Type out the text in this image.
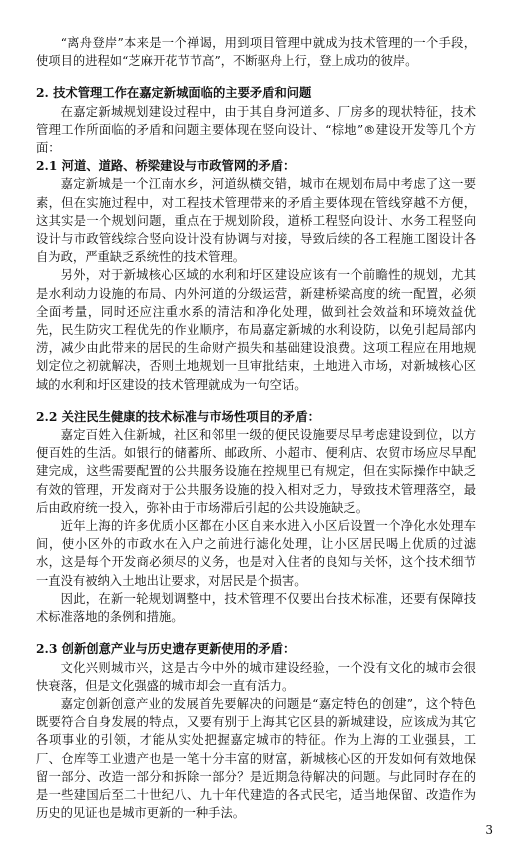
“离舟登岸”本来是一个禅谒，用到项目管理中就成为技术管理的一个手段，使项目的进程如“芝麻开花节节高”，不断驱舟上行，登上成功的彼岸。

2. 技术管理工作在嘉定新城面临的主要矛盾和问题

在嘉定新城规划建设过程中，由于其自身河道多、厂房多的现状特征，技术管理工作所面临的矛盾和问题主要体现在竖向设计、“棕地”®建设开发等几个方面：

2.1 河道、道路、桥梁建设与市政管网的矛盾：

嘉定新城是一个江南水乡，河道纵横交错，城市在规划布局中考虑了这一要素，但在实施过程中，对工程技术管理带来的矛盾主要体现在管线穿越不方便，这其实是一个规划问题，重点在于规划阶段，道桥工程竖向设计、水务工程竖向设计与市政管线综合竖向设计没有协调与对接，导致后续的各工程施工图设计各自为政，严重缺乏系统性的技术管理。

另外，对于新城核心区域的水利和圩区建设应该有一个前瞻性的规划，尤其是水利动力设施的布局、内外河道的分级运营，新建桥梁高度的统一配置，必须全面考量，同时还应注重水系的清洁和净化处理，做到社会效益和环境效益优先，民生防灾工程优先的作业顺序，布局嘉定新城的水利设防，以免引起局部内涝，减少由此带来的居民的生命财产损失和基础建设浪费。这项工程应在用地规划定位之初就解决，否则土地规划一旦审批结束，土地进入市场，对新城核心区域的水利和圩区建设的技术管理就成为一句空话。

2.2 关注民生健康的技术标准与市场性项目的矛盾：

嘉定百姓入住新城，社区和邻里一级的便民设施要尽早考虑建设到位，以方便百姓的生活。如银行的储蓄所、邮政所、小超市、便利店、农贸市场应尽早配建完成，这些需要配置的公共服务设施在控规里已有规定，但在实际操作中缺乏有效的管理，开发商对于公共服务设施的投入相对乏力，导致技术管理落空，最后由政府统一投入，弥补由于市场滞后引起的公共设施缺乏。

近年上海的许多优质小区都在小区自来水进入小区后设置一个净化水处理车间，使小区外的市政水在入户之前进行滤化处理，让小区居民喝上优质的过滤水，这是每个开发商必须尽的义务，也是对入住者的良知与关怀，这个技术细节一直没有被纳入土地出让要求，对居民是个损害。

因此，在新一轮规划调整中，技术管理不仅要出台技术标准，还要有保障技术标准落地的条例和措施。

2.3 创新创意产业与历史遗存更新使用的矛盾：

文化兴则城市兴，这是古今中外的城市建设经验，一个没有文化的城市会很快衰落，但是文化强盛的城市却会一直有活力。

嘉定创新创意产业的发展首先要解决的问题是“嘉定特色的创建”，这个特色既要符合自身发展的特点，又要有别于上海其它区县的新城建设，应该成为其它各项事业的引领，才能从实处把握嘉定城市的特征。作为上海的工业强县，工厂、仓库等工业遗产也是一笔十分丰富的财富，新城核心区的开发如何有效地保留一部分、改造一部分和拆除一部分？是近期急待解决的问题。与此同时存在的是一些建国后至二十世纪八、九十年代建造的各式民宅，适当地保留、改造作为历史的见证也是城市更新的一种手法。

3
